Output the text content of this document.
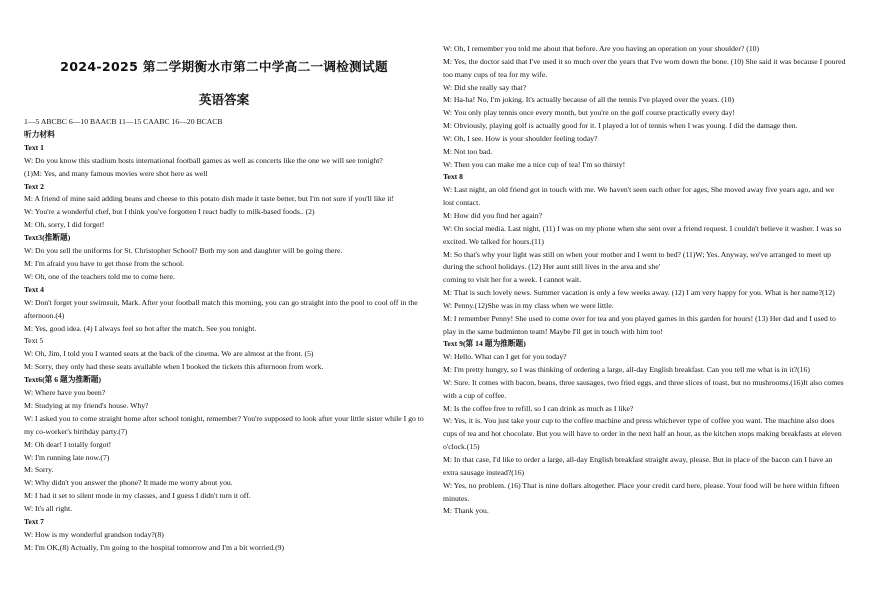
2024-2025 第二学期衡水市第二中学高二一调检测试题
英语答案
1—5 ABCBC 6—10 BAACB 11—15 CAABC 16—20 BCACB
听力材料
Text 1
W: Do you know this stadium hosts international football games as well as concerts like the one we will see tonight?
(1)M: Yes, and many famous movies were shot here as well
Text 2
M: A friend of mine said adding beans and cheese to this potato dish made it taste better, but I'm not sure if you'll like it!
W: You're a wonderful chef, but I think you've forgotten I react badly to milk-based foods.. (2)
M: Oh, sorry, I did forget!
Text3(推断题)
W: Do you sell the uniforms for St. Christopher School? Both my son and daughter will be going there.
M: I'm afraid you have to get those from the school.
W: Oh, one of the teachers told me to come here.
Text 4
W: Don't forget your swimsuit, Mark. After your football match this morning, you can go straight into the pool to cool off in the afternoon.(4)
M: Yes, good idea. (4) I always feel so hot after the match. See you tonight.
Text 5
W: Oh, Jim, I told you I wanted seats at the back of the cinema. We are almost at the front. (5)
M: Sorry, they only had these seats available when I booked the tickets this afternoon from work.
Text6(第 6 题为推断题)
W: Where have you been?
M: Studying at my friend's house. Why?
W: I asked you to come straight home after school tonight, remember? You're supposed to look after your little sister while I go to my co-worker's birthday party.(7)
M: Oh dear! I totally forgot!
W: I'm running late now.(7)
M: Sorry.
W: Why didn't you answer the phone? It made me worry about you.
M: I had it set to silent mode in my classes, and I guess I didn't turn it off.
W: It's all right.
Text 7
W: How is my wonderful grandson today?(8)
M: I'm OK,(8) Actually, I'm going to the hospital tomorrow and I'm a bit worried.(9)
W: Oh, I remember you told me about that before. Are you having an operation on your shoulder? (10)
M: Yes, the doctor said that I've used it so much over the years that I've worn down the bone. (10) She said it was because I poured too many cups of tea for my wife.
W: Did she really say that?
M: Ha-ha! No, I'm joking. It's actually because of all the tennis I've played over the years. (10)
W: You only play tennis once every month, but you're on the golf course practically every day!
M: Obviously, playing golf is actually good for it. I played a lot of tennis when I was young. I did the damage then.
W: Oh, I see. How is your shoulder feeling today?
M: Not too bad.
W: Then you can make me a nice cup of tea! I'm so thirsty!
Text 8
W: Last night, an old friend got in touch with me. We haven't seen each other for ages, She moved away five years ago, and we lost contact.
M: How did you find her again?
W: On social media. Last night, (11) I was on my phone when she sent over a friend request. I couldn't believe it washer. I was so excited. We talked for hours.(11)
M: So that's why your light was still on when your mother and I went to bed? (11)W; Yes. Anyway, we've arranged to meet up during the school holidays. (12) Her aunt still lives in the area and she'
coming to visit her for a week. I cannot wait.
M: That is such lovely news. Summer vacation is only a few weeks away. (12) I am very happy for you. What is her name?(12)
W: Penny.(12)She was in my class when we were little.
M: I remember Penny! She used to come over for tea and you played games in this garden for hours! (13) Her dad and I used to play in the same badminton team! Maybe I'll get in touch with him too!
Text 9(第 14 题为推断题)
W: Hello. What can I get for you today?
M: I'm pretty hungry, so I was thinking of ordering a large, all-day English breakfast. Can you tell me what is in it?(16)
W: Sure. It comes with bacon, beans, three sausages, two fried eggs, and three slices of toast, but no mushrooms.(16)It also comes with a cup of coffee.
M: Is the coffee free to refill, so I can drink as much as I like?
W: Yes, it is. You just take your cup to the coffee machine and press whichever type of coffee you want. The machine also does cups of tea and hot chocolate. But you will have to order in the next half an hour, as the kitchen stops making breakfasts at eleven o'clock.(15)
M: In that case, I'd like to order a large, all-day English breakfast straight away, please. But in place of the bacon can I have an extra sausage instead?(16)
W: Yes, no problem. (16) That is nine dollars altogether. Place your credit card here, please. Your food will be here within fifteen minutes.
M: Thank you.
